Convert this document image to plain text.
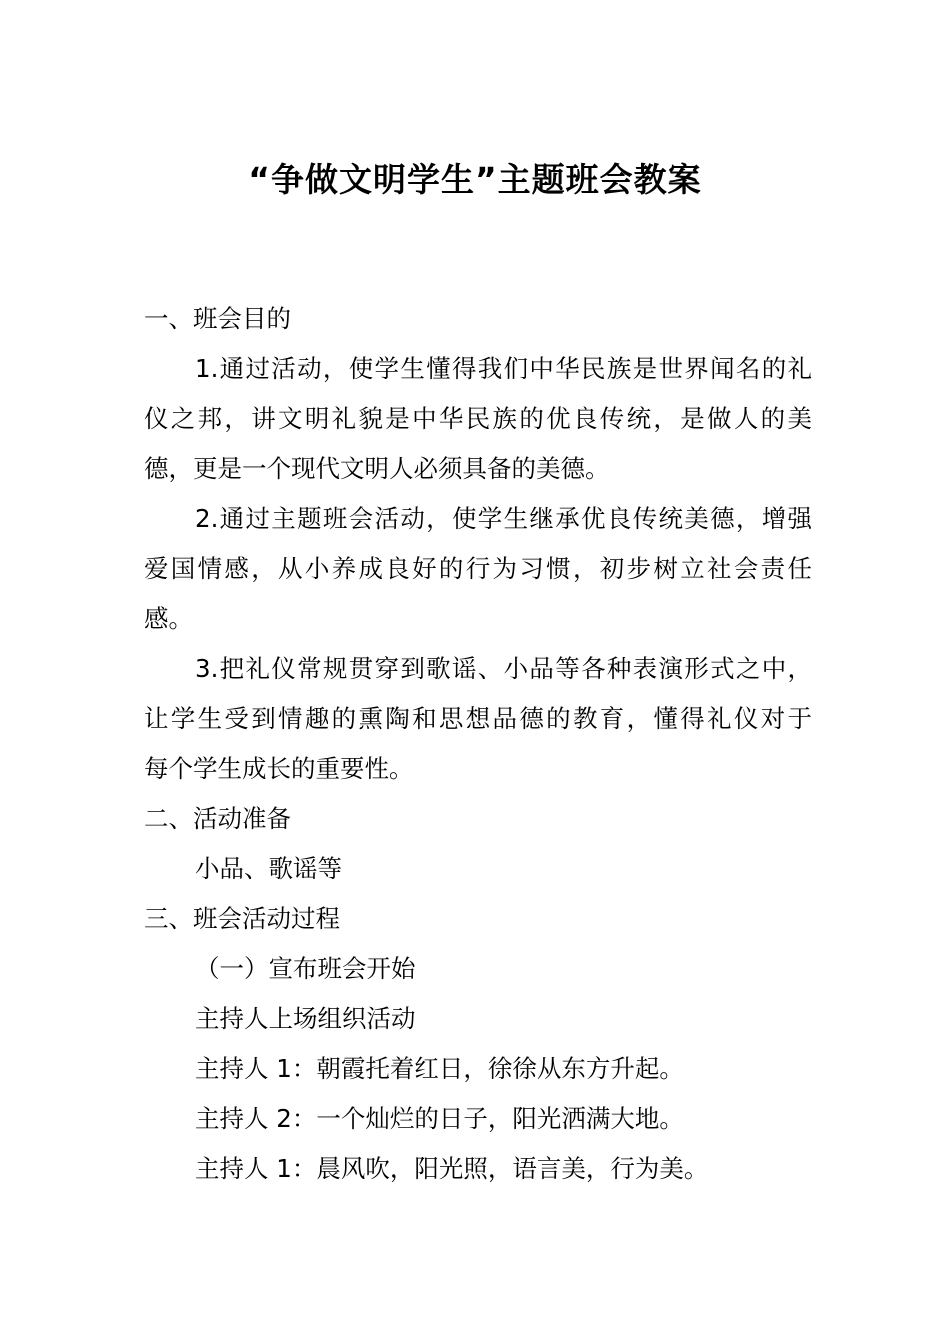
“争做文明学生”主题班会教案
一、班会目的
1.通过活动，使学生懂得我们中华民族是世界闻名的礼
仪之邦，讲文明礼貌是中华民族的优良传统，是做人的美
德，更是一个现代文明人必须具备的美德。
2.通过主题班会活动，使学生继承优良传统美德，增强
爱国情感，从小养成良好的行为习惯，初步树立社会责任
感。
3.把礼仪常规贯穿到歌谣、小品等各种表演形式之中，
让学生受到情趣的熏陶和思想品德的教育，懂得礼仪对于
每个学生成长的重要性。
二、活动准备
小品、歌谣等
三、班会活动过程
（一）宣布班会开始
主持人上场组织活动
主持人 1：朝霞托着红日，徐徐从东方升起。
主持人 2：一个灿烂的日子，阳光洒满大地。
主持人 1：晨风吹，阳光照，语言美，行为美。
